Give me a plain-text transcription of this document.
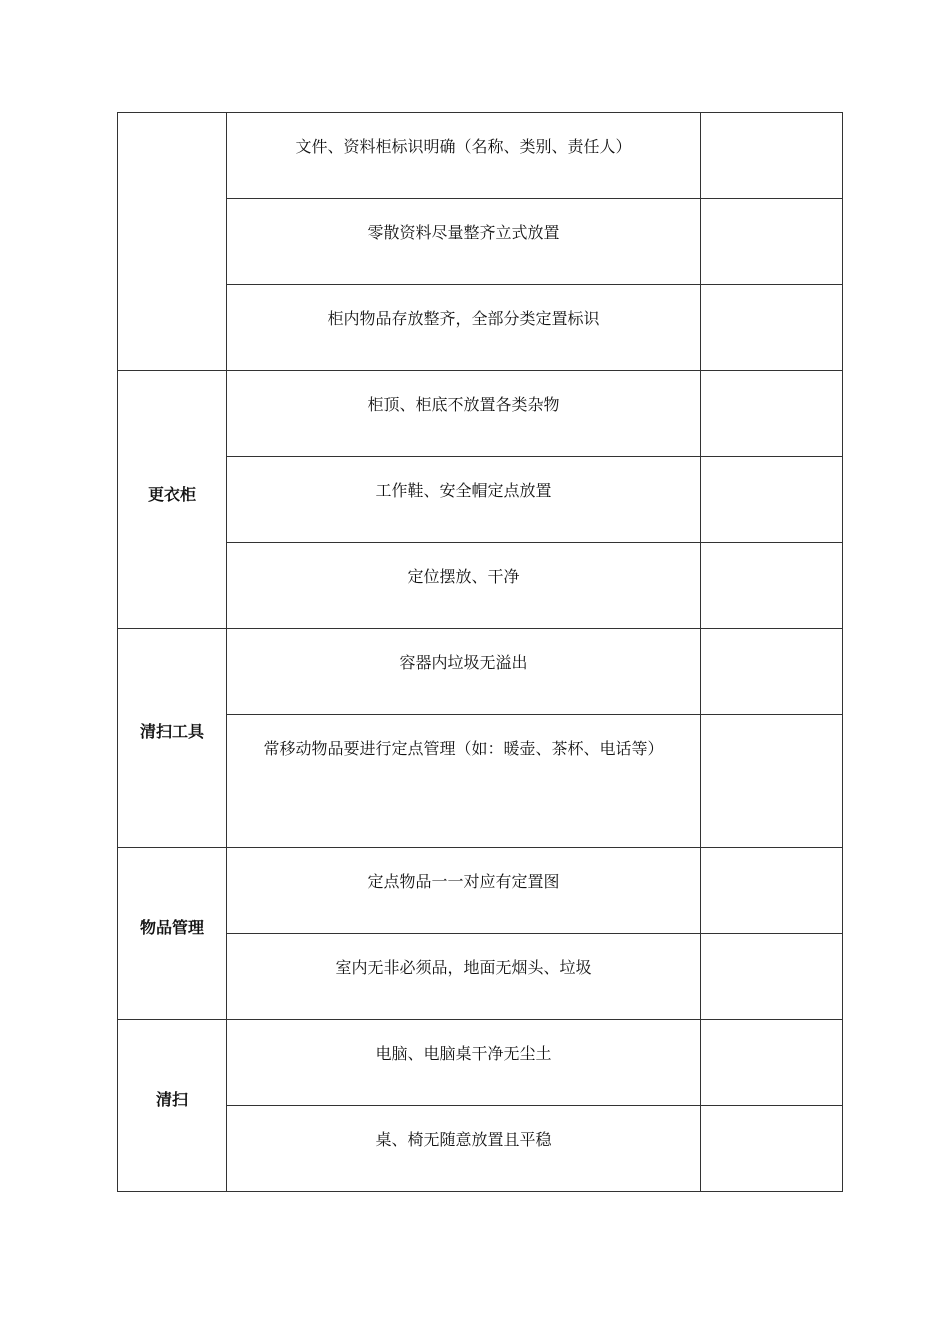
	文件、资料柜标识明确（名称、类别、责任人）	

	零散资料尽量整齐立式放置	

	柜内物品存放整齐，全部分类定置标识	

更衣柜	柜顶、柜底不放置各类杂物	

	工作鞋、安全帽定点放置	

	定位摆放、干净	

清扫工具	容器内垃圾无溢出	

	常移动物品要进行定点管理（如：暖壶、茶杯、电话等）	

物品管理	定点物品一一对应有定置图	

	室内无非必须品，地面无烟头、垃圾	

清扫	电脑、电脑桌干净无尘土	

	桌、椅无随意放置且平稳	
